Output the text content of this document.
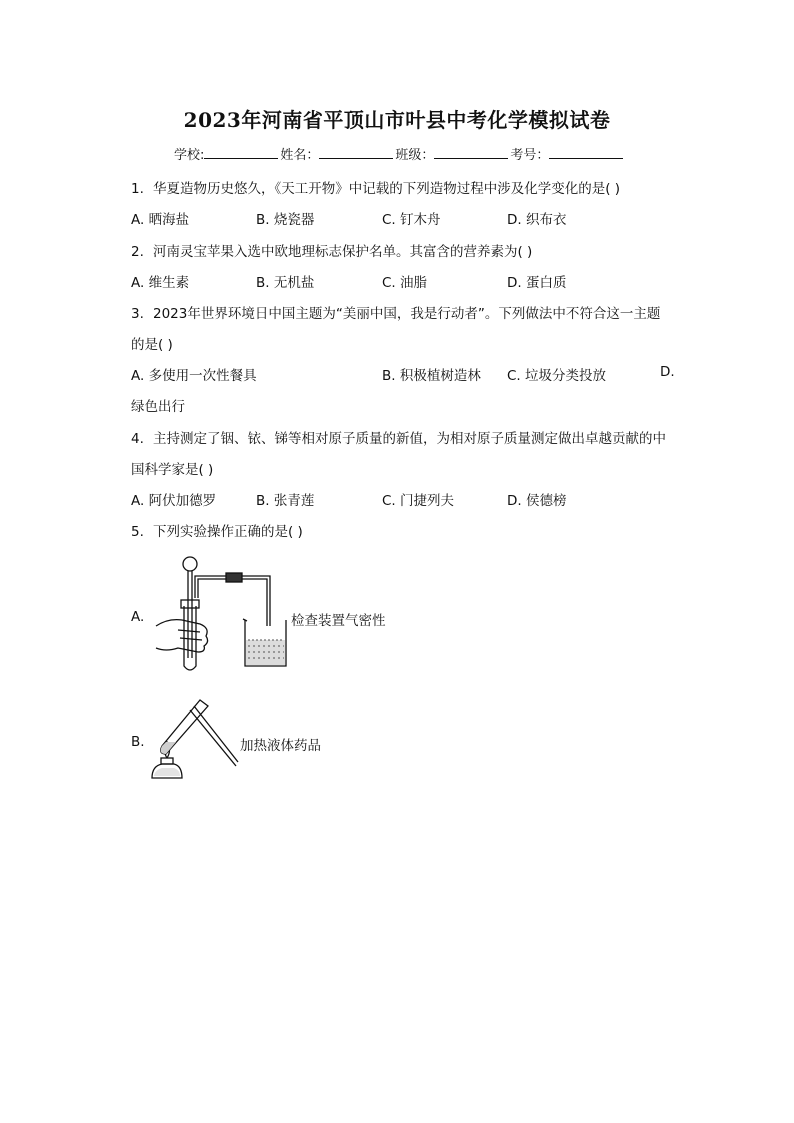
2023年河南省平顶山市叶县中考化学模拟试卷
学校:	姓名：	班级：	考号：
1. 华夏造物历史悠久，《天工开物》中记载的下列造物过程中涉及化学变化的是( )
A. 晒海盐	B. 烧瓷器	C. 钉木舟	D. 织布衣
2. 河南灵宝苹果入选中欧地理标志保护名单。其富含的营养素为( )
A. 维生素	B. 无机盐	C. 油脂	D. 蛋白质
3. 2023年世界环境日中国主题为“美丽中国，我是行动者”。下列做法中不符合这一主题
的是( )
A. 多使用一次性餐具	B. 积极植树造林 C. 垃圾分类投放	D.
绿色出行
4. 主持测定了铟、铱、锑等相对原子质量的新值，为相对原子质量测定做出卓越贡献的中
国科学家是( )
A. 阿伏加德罗	B. 张青莲	C. 门捷列夫	D. 侯德榜
5. 下列实验操作正确的是( )
A.	检查装置气密性
B.	加热液体药品
